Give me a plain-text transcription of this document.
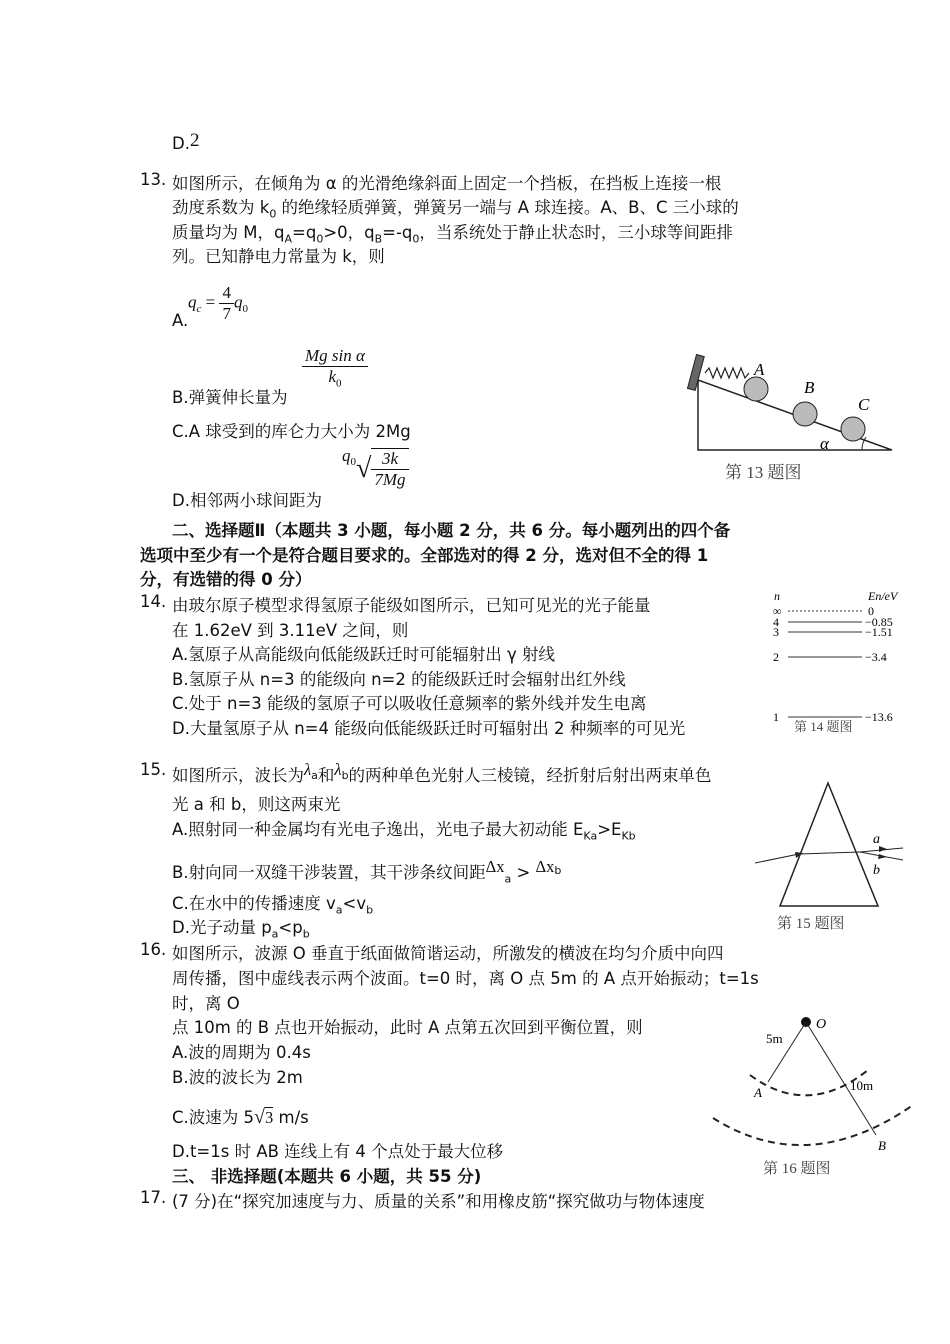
D.2
13. 如图所示，在倾角为 α 的光滑绝缘斜面上固定一个挡板，在挡板上连接一根
劲度系数为 $k_0$ 的绝缘轻质弹簧，弹簧另一端与 A 球连接。A、B、C 三小球的
质量均为 M，$q_A=q_0>0$，$q_B=-q_0$，当系统处于静止状态时，三小球等间距排
列。已知静电力常量为 k，则
A.
$q_c = \frac{4}{7} q_0$
B.弹簧伸长量为
$\frac{\text{Mg sin α}}{k_0}$
C.A 球受到的库仑力大小为 2Mg
D.相邻两小球间距为
$q_0√ \frac{3k}{7Mg}$
A
B
C
α
第 13 题图
二、选择题Ⅱ（本题共 3 小题，每小题 2 分，共 6 分。每小题列出的四个备
选项中至少有一个是符合题目要求的。全部选对的得 2 分，选对但不全的得 1
分，有选错的得 0 分）
14. 由玻尔原子模型求得氢原子能级如图所示，已知可见光的光子能量
在 1.62eV 到 3.11eV 之间，则
A.氢原子从高能级向低能级跃迁时可能辐射出 γ 射线
B.氢原子从 n=3 的能级向 n=2 的能级跃迁时会辐射出红外线
C.处于 n=3 能级的氢原子可以吸收任意频率的紫外线并发生电离
D.大量氢原子从 n=4 能级向低能级跃迁时可辐射出 2 种频率的可见光
n	En/eV
∞
4
3
2
1
0
−0.85
−1.51
−3.4
−13.6
第 14 题图
15. 如图所示，波长为$\lambda_a$和$\lambda_b$的两种单色光射人三棱镜，经折射后射出两束单色
光 a 和 b，则这两束光
A.照射同一种金属均有光电子逸出，光电子最大初动能 $E_{Ka}>E_{Kb}$
B.射向同一双缝干涉装置，其干涉条纹间距$\Delta x_a > \Delta x_b$
C.在水中的传播速度 $v_a<v_b$
D.光子动量 $p_a<p_b$
a
b
第 15 题图
16. 如图所示，波源 O 垂直于纸面做简谐运动，所激发的横波在均匀介质中向四
周传播，图中虚线表示两个波面。t=0 时，离 O 点 5m 的 A 点开始振动；t=1s
时，离 O
点 10m 的 B 点也开始振动，此时 A 点第五次回到平衡位置，则
A.波的周期为 0.4s
B.波的波长为 2m
C.波速为 5√3 m/s
D.t=1s 时 AB 连线上有 4 个点处于最大位移
O
A
B
5m
10m
第 16 题图
三、 非选择题(本题共 6 小题，共 55 分)
17. (7 分)在“探究加速度与力、质量的关系”和用橡皮筋“探究做功与物体速度
